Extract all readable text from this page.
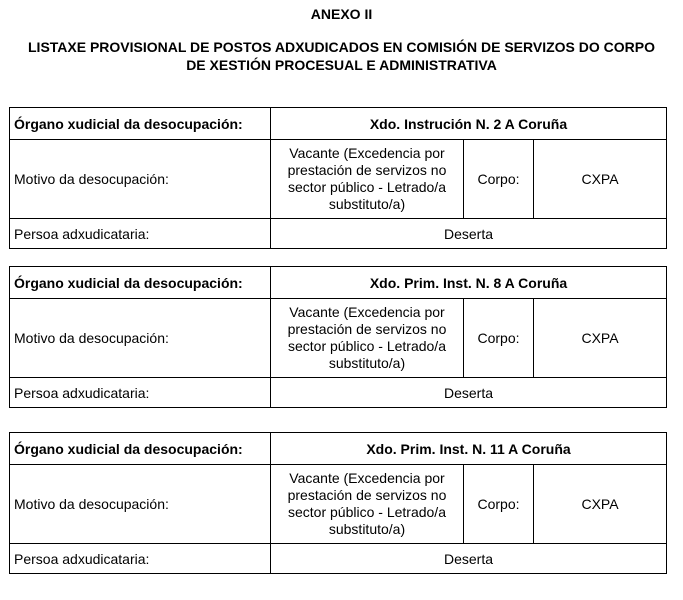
ANEXO II
LISTAXE PROVISIONAL DE POSTOS ADXUDICADOS EN COMISIÓN DE SERVIZOS DO CORPO
DE XESTIÓN PROCESUAL E ADMINISTRATIVA
Órgano xudicial da desocupación:	Xdo. Instrución N. 2 A Coruña		
Motivo da desocupación:	Vacante (Excedencia por prestación de servizos no sector público - Letrado/a substituto/a)	Corpo:	CXPA
Persoa adxudicataria:	Deserta		
Órgano xudicial da desocupación:	Xdo. Prim. Inst. N. 8 A Coruña		
Motivo da desocupación:	Vacante (Excedencia por prestación de servizos no sector público - Letrado/a substituto/a)	Corpo:	CXPA
Persoa adxudicataria:	Deserta		
Órgano xudicial da desocupación:	Xdo. Prim. Inst. N. 11 A Coruña		
Motivo da desocupación:	Vacante (Excedencia por prestación de servizos no sector público - Letrado/a substituto/a)	Corpo:	CXPA
Persoa adxudicataria:	Deserta		
